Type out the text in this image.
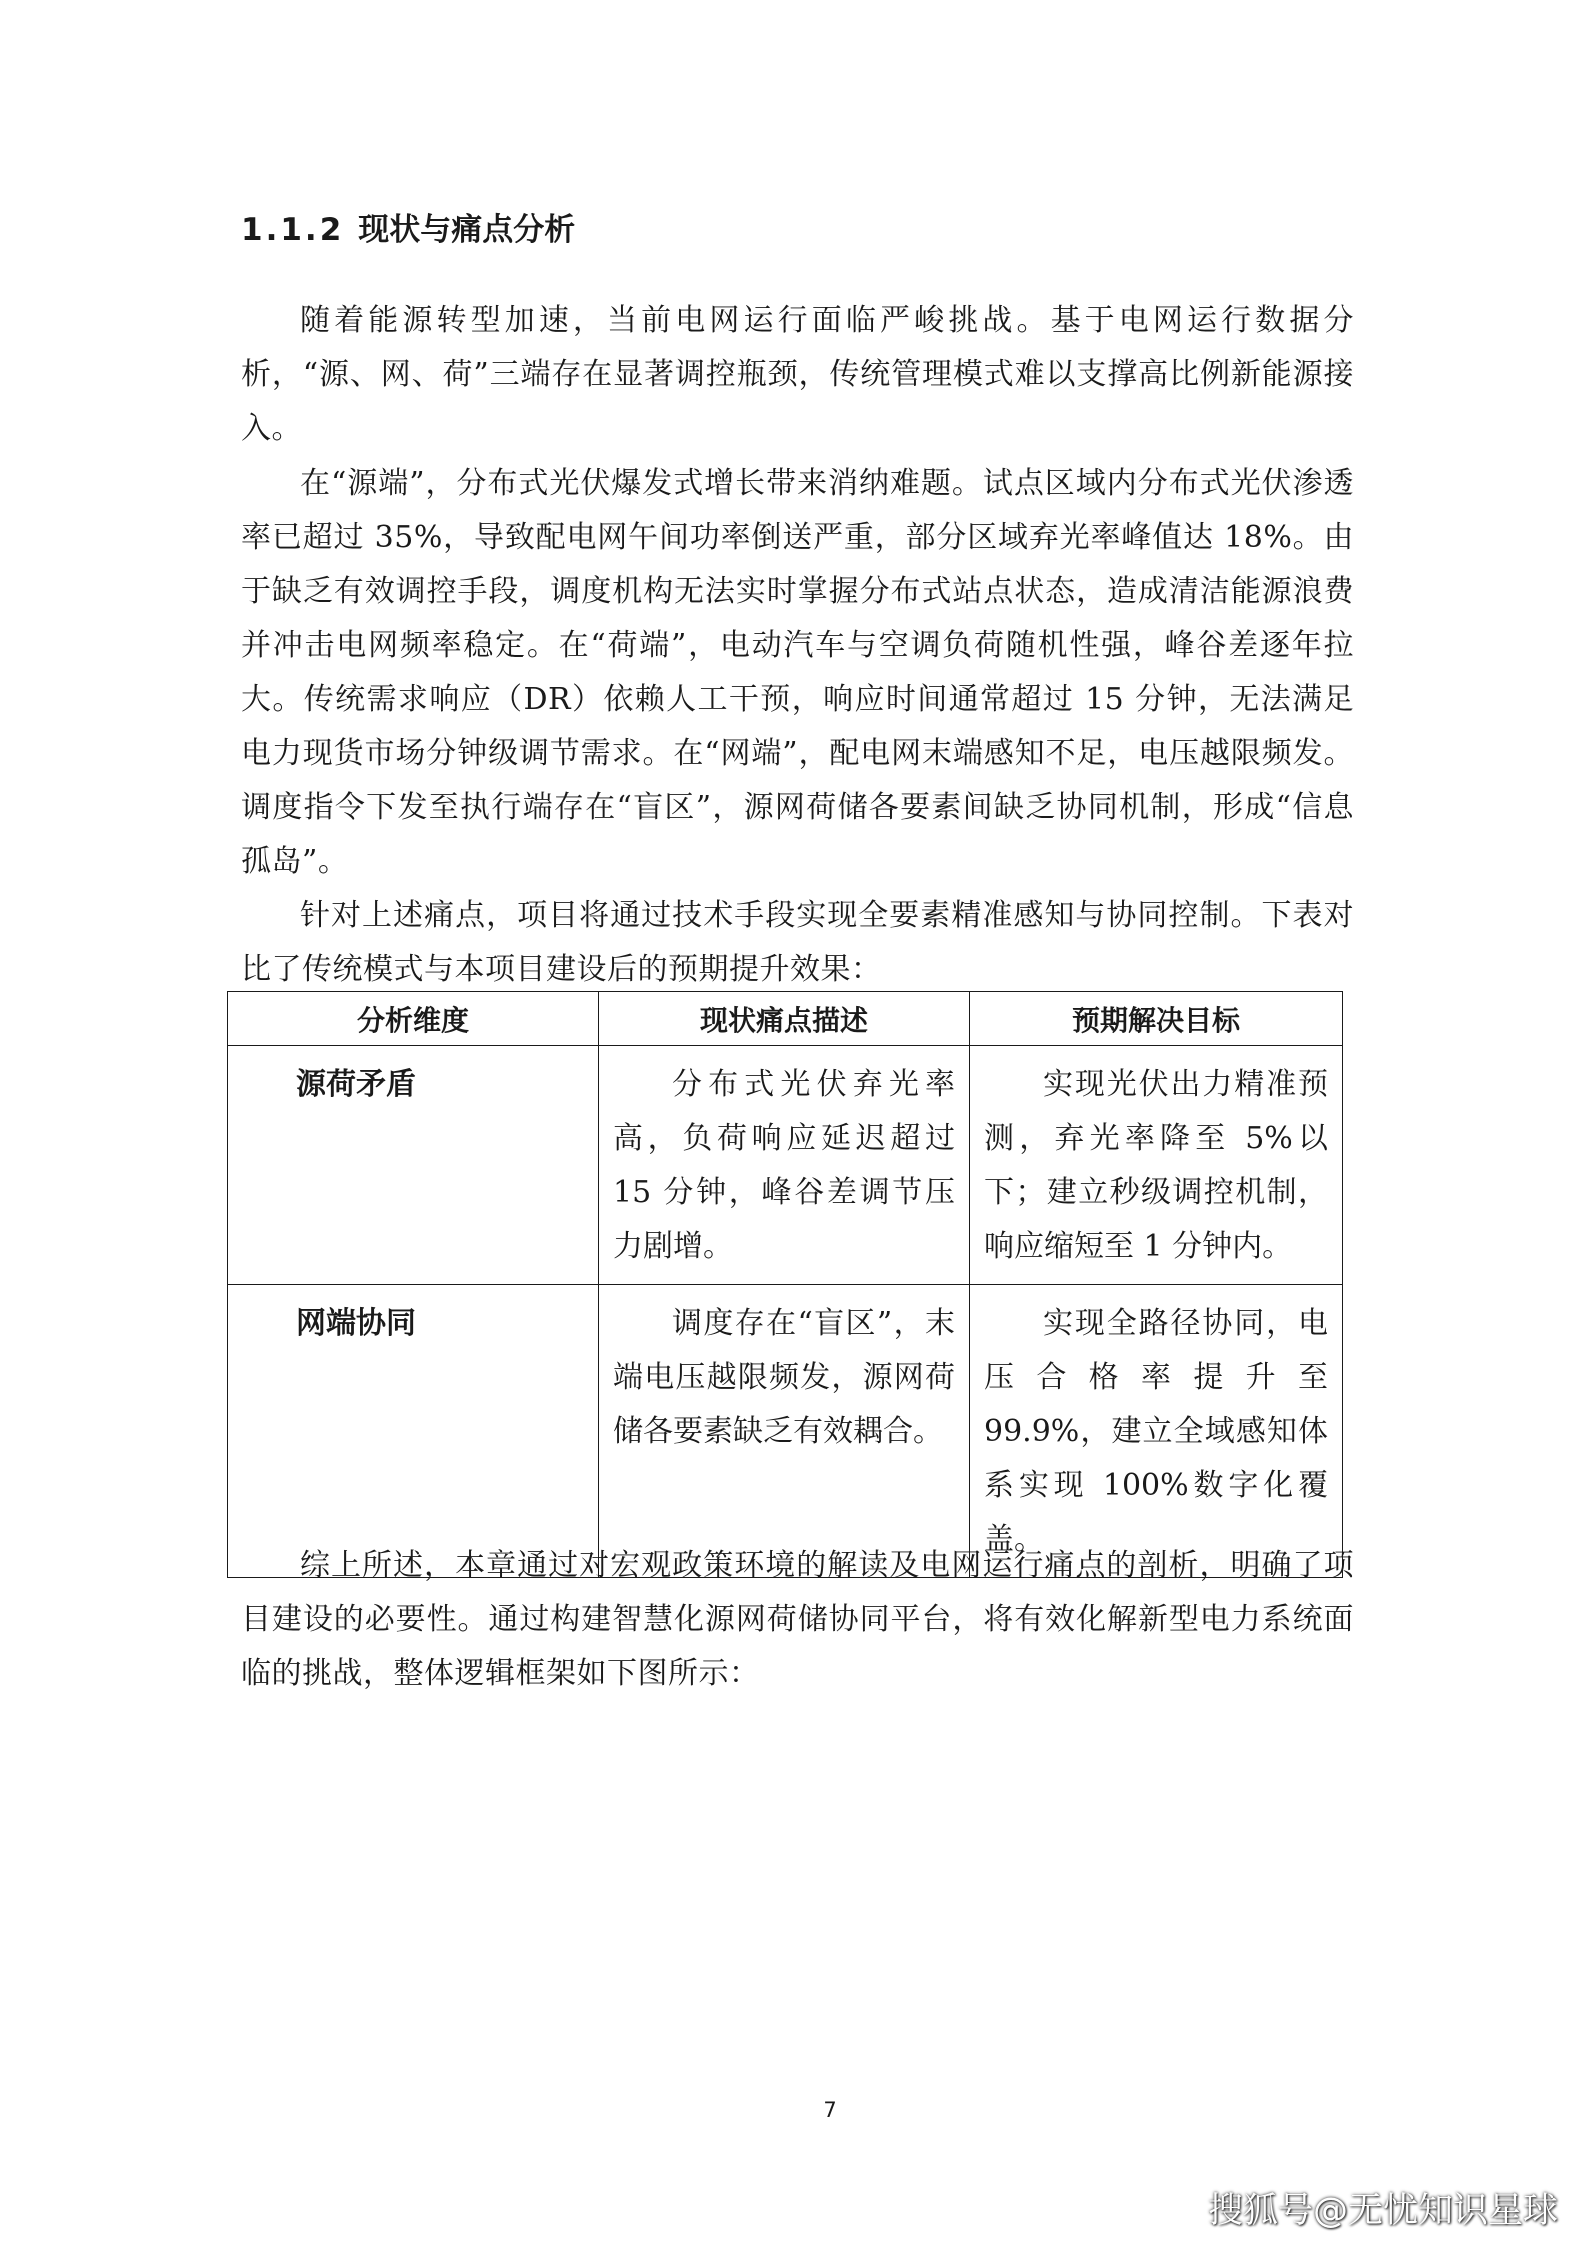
1.1.2 现状与痛点分析

随着能源转型加速，当前电网运行面临严峻挑战。基于电网运行数据分析，“源、网、荷”三端存在显著调控瓶颈，传统管理模式难以支撑高比例新能源接入。

在“源端”，分布式光伏爆发式增长带来消纳难题。试点区域内分布式光伏渗透率已超过 35%，导致配电网午间功率倒送严重，部分区域弃光率峰值达 18%。由于缺乏有效调控手段，调度机构无法实时掌握分布式站点状态，造成清洁能源浪费并冲击电网频率稳定。在“荷端”，电动汽车与空调负荷随机性强，峰谷差逐年拉大。传统需求响应（DR）依赖人工干预，响应时间通常超过 15 分钟，无法满足电力现货市场分钟级调节需求。在“网端”，配电网末端感知不足，电压越限频发。调度指令下发至执行端存在“盲区”，源网荷储各要素间缺乏协同机制，形成“信息孤岛”。

针对上述痛点，项目将通过技术手段实现全要素精准感知与协同控制。下表对比了传统模式与本项目建设后的预期提升效果：

分析维度	现状痛点描述	预期解决目标
源荷矛盾	分布式光伏弃光率高，负荷响应延迟超过 15 分钟，峰谷差调节压力剧增。	实现光伏出力精准预测，弃光率降至 5%以下；建立秒级调控机制，响应缩短至 1 分钟内。
网端协同	调度存在“盲区”，末端电压越限频发，源网荷储各要素缺乏有效耦合。	实现全路径协同，电压合格率提升至 99.9%，建立全域感知体系实现 100%数字化覆盖。

综上所述，本章通过对宏观政策环境的解读及电网运行痛点的剖析，明确了项目建设的必要性。通过构建智慧化源网荷储协同平台，将有效化解新型电力系统面临的挑战，整体逻辑框架如下图所示：

7
搜狐号@无忧知识星球
